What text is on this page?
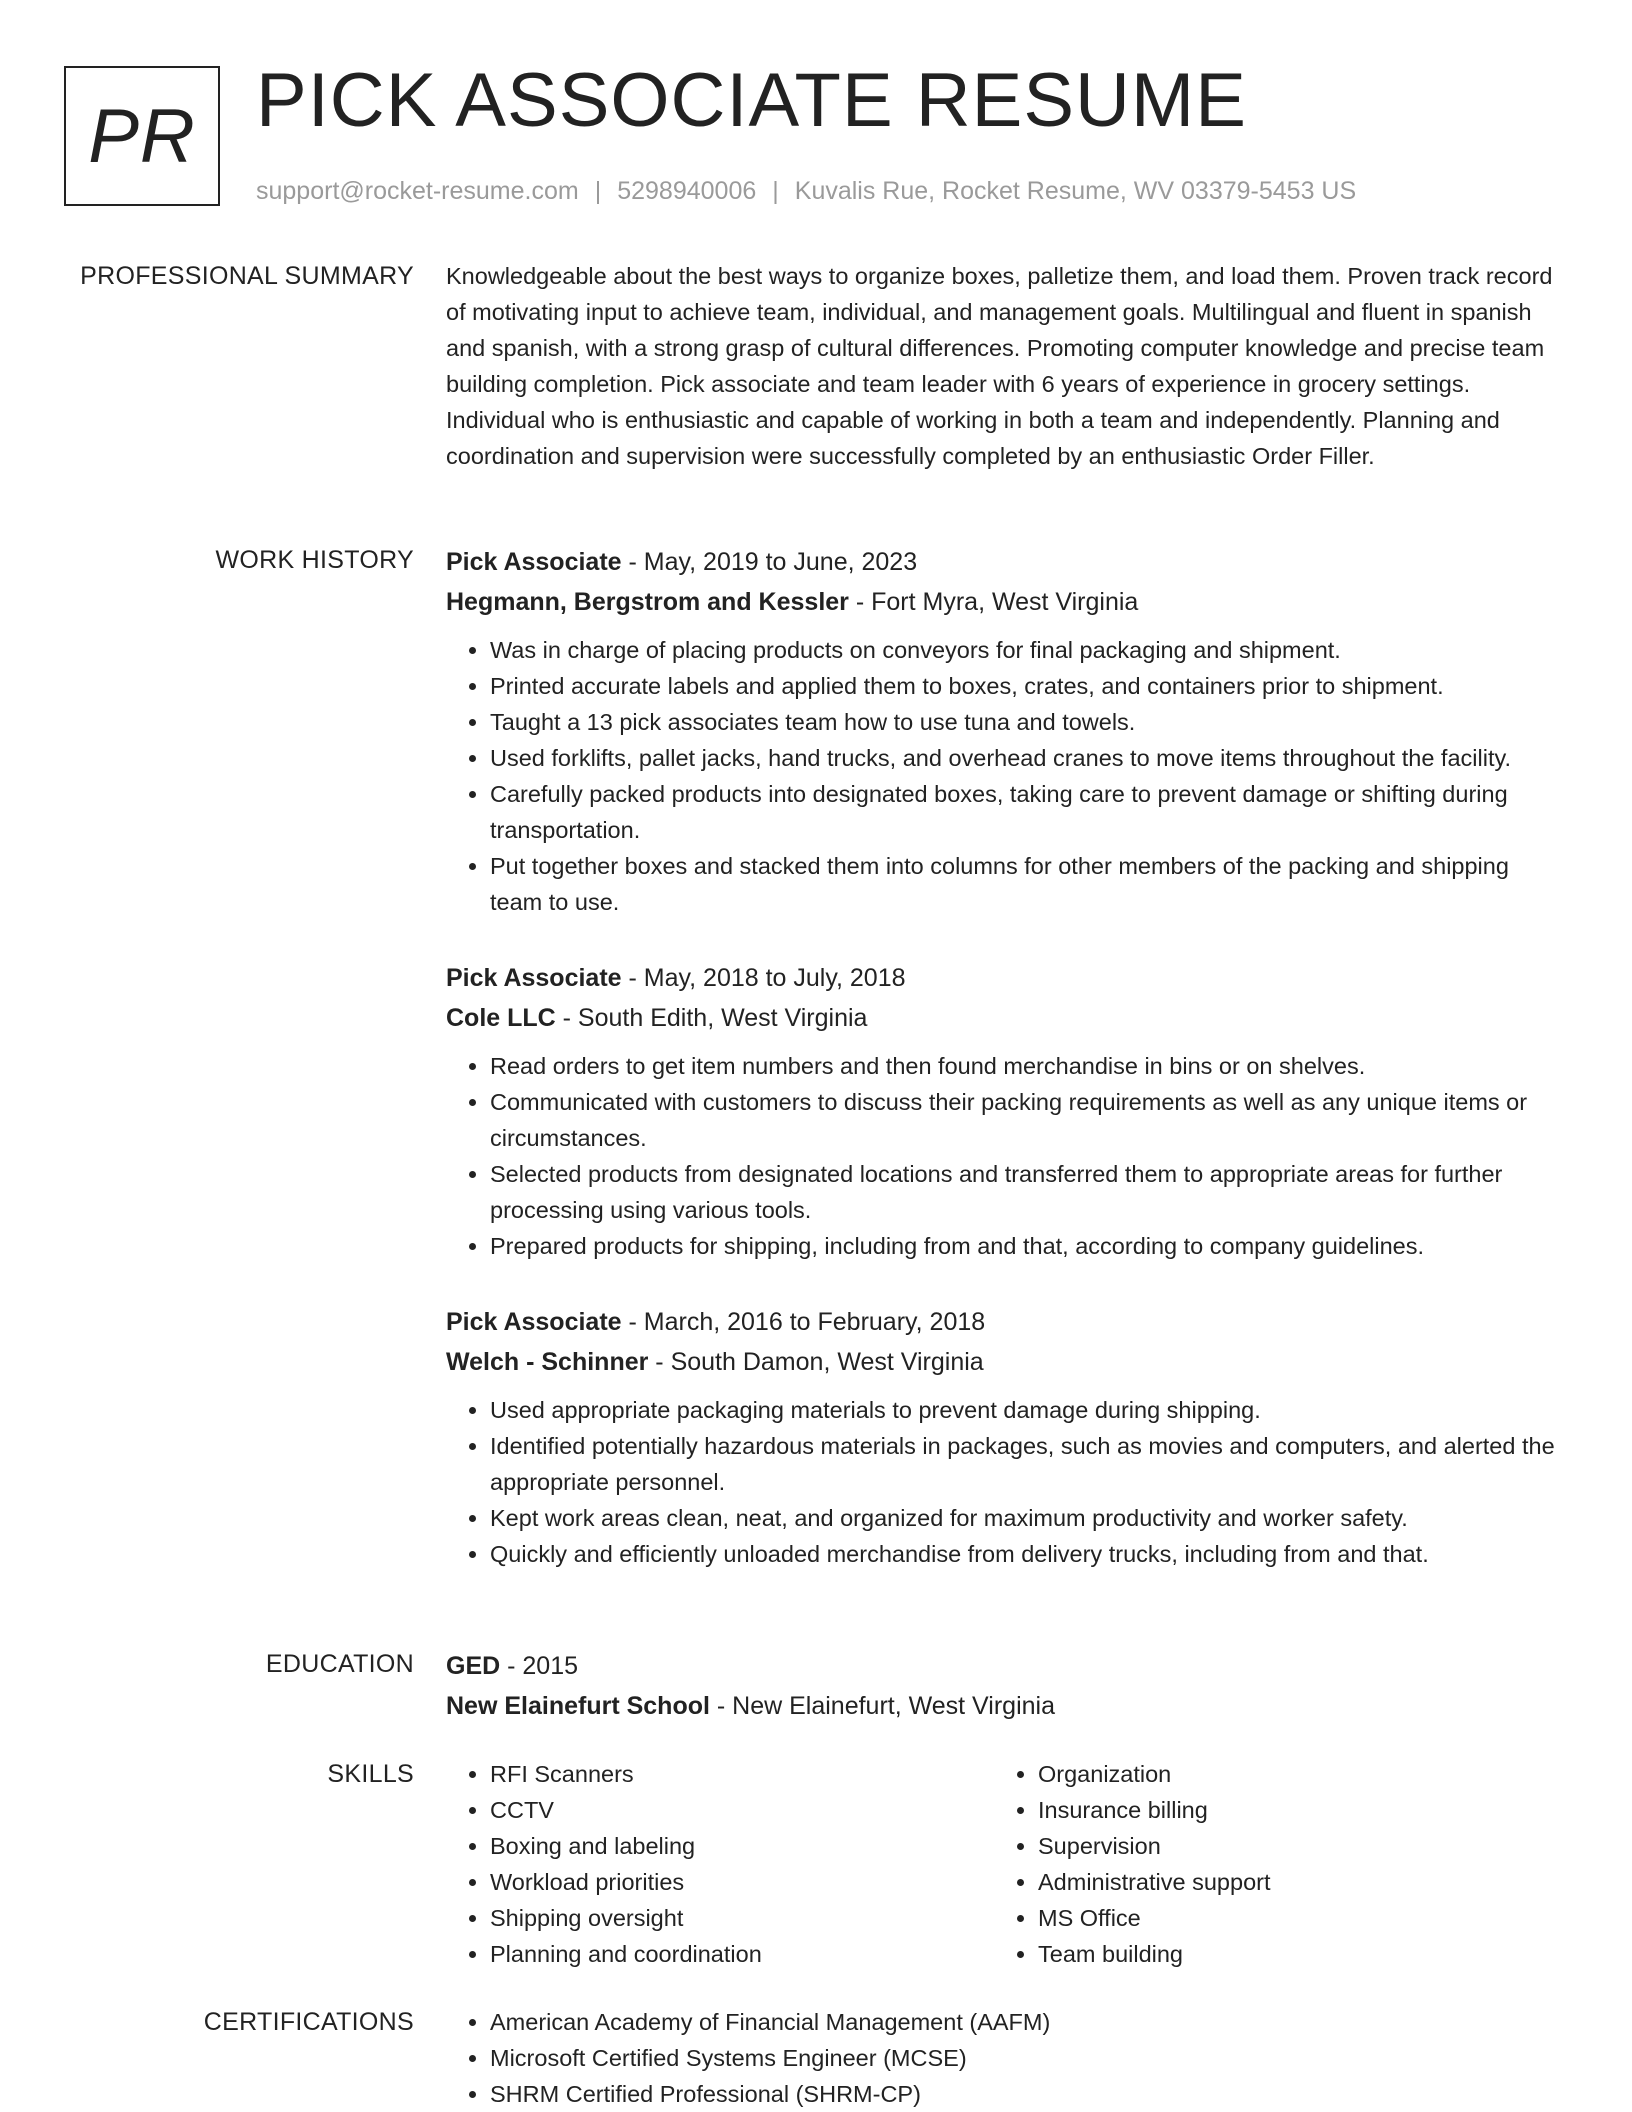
PR PICK ASSOCIATE RESUME
support@rocket-resume.com | 5298940006 | Kuvalis Rue, Rocket Resume, WV 03379-5453 US
PROFESSIONAL SUMMARY Knowledgeable about the best ways to organize boxes, palletize them, and load them. Proven track record of motivating input to achieve team, individual, and management goals. Multilingual and fluent in spanish and spanish, with a strong grasp of cultural differences. Promoting computer knowledge and precise team building completion. Pick associate and team leader with 6 years of experience in grocery settings. Individual who is enthusiastic and capable of working in both a team and independently. Planning and coordination and supervision were successfully completed by an enthusiastic Order Filler.

WORK HISTORY Pick Associate - May, 2019 to June, 2023
Hegmann, Bergstrom and Kessler - Fort Myra, West Virginia
• Was in charge of placing products on conveyors for final packaging and shipment.
• Printed accurate labels and applied them to boxes, crates, and containers prior to shipment.
• Taught a 13 pick associates team how to use tuna and towels.
• Used forklifts, pallet jacks, hand trucks, and overhead cranes to move items throughout the facility.
• Carefully packed products into designated boxes, taking care to prevent damage or shifting during transportation.
• Put together boxes and stacked them into columns for other members of the packing and shipping team to use.
Pick Associate - May, 2018 to July, 2018
Cole LLC - South Edith, West Virginia
• Read orders to get item numbers and then found merchandise in bins or on shelves.
• Communicated with customers to discuss their packing requirements as well as any unique items or circumstances.
• Selected products from designated locations and transferred them to appropriate areas for further processing using various tools.
• Prepared products for shipping, including from and that, according to company guidelines.
Pick Associate - March, 2016 to February, 2018
Welch - Schinner - South Damon, West Virginia
• Used appropriate packaging materials to prevent damage during shipping.
• Identified potentially hazardous materials in packages, such as movies and computers, and alerted the appropriate personnel.
• Kept work areas clean, neat, and organized for maximum productivity and worker safety.
• Quickly and efficiently unloaded merchandise from delivery trucks, including from and that.
EDUCATION GED - 2015
New Elainefurt School - New Elainefurt, West Virginia
SKILLS	• RFI Scanners
• CCTV
• Boxing and labeling
• Workload priorities
• Shipping oversight
• Planning and coordination
• Organization
• Insurance billing
• Supervision
• Administrative support
• MS Office
• Team building
CERTIFICATIONS	• American Academy of Financial Management (AAFM)
• Microsoft Certified Systems Engineer (MCSE)
• SHRM Certified Professional (SHRM-CP)
